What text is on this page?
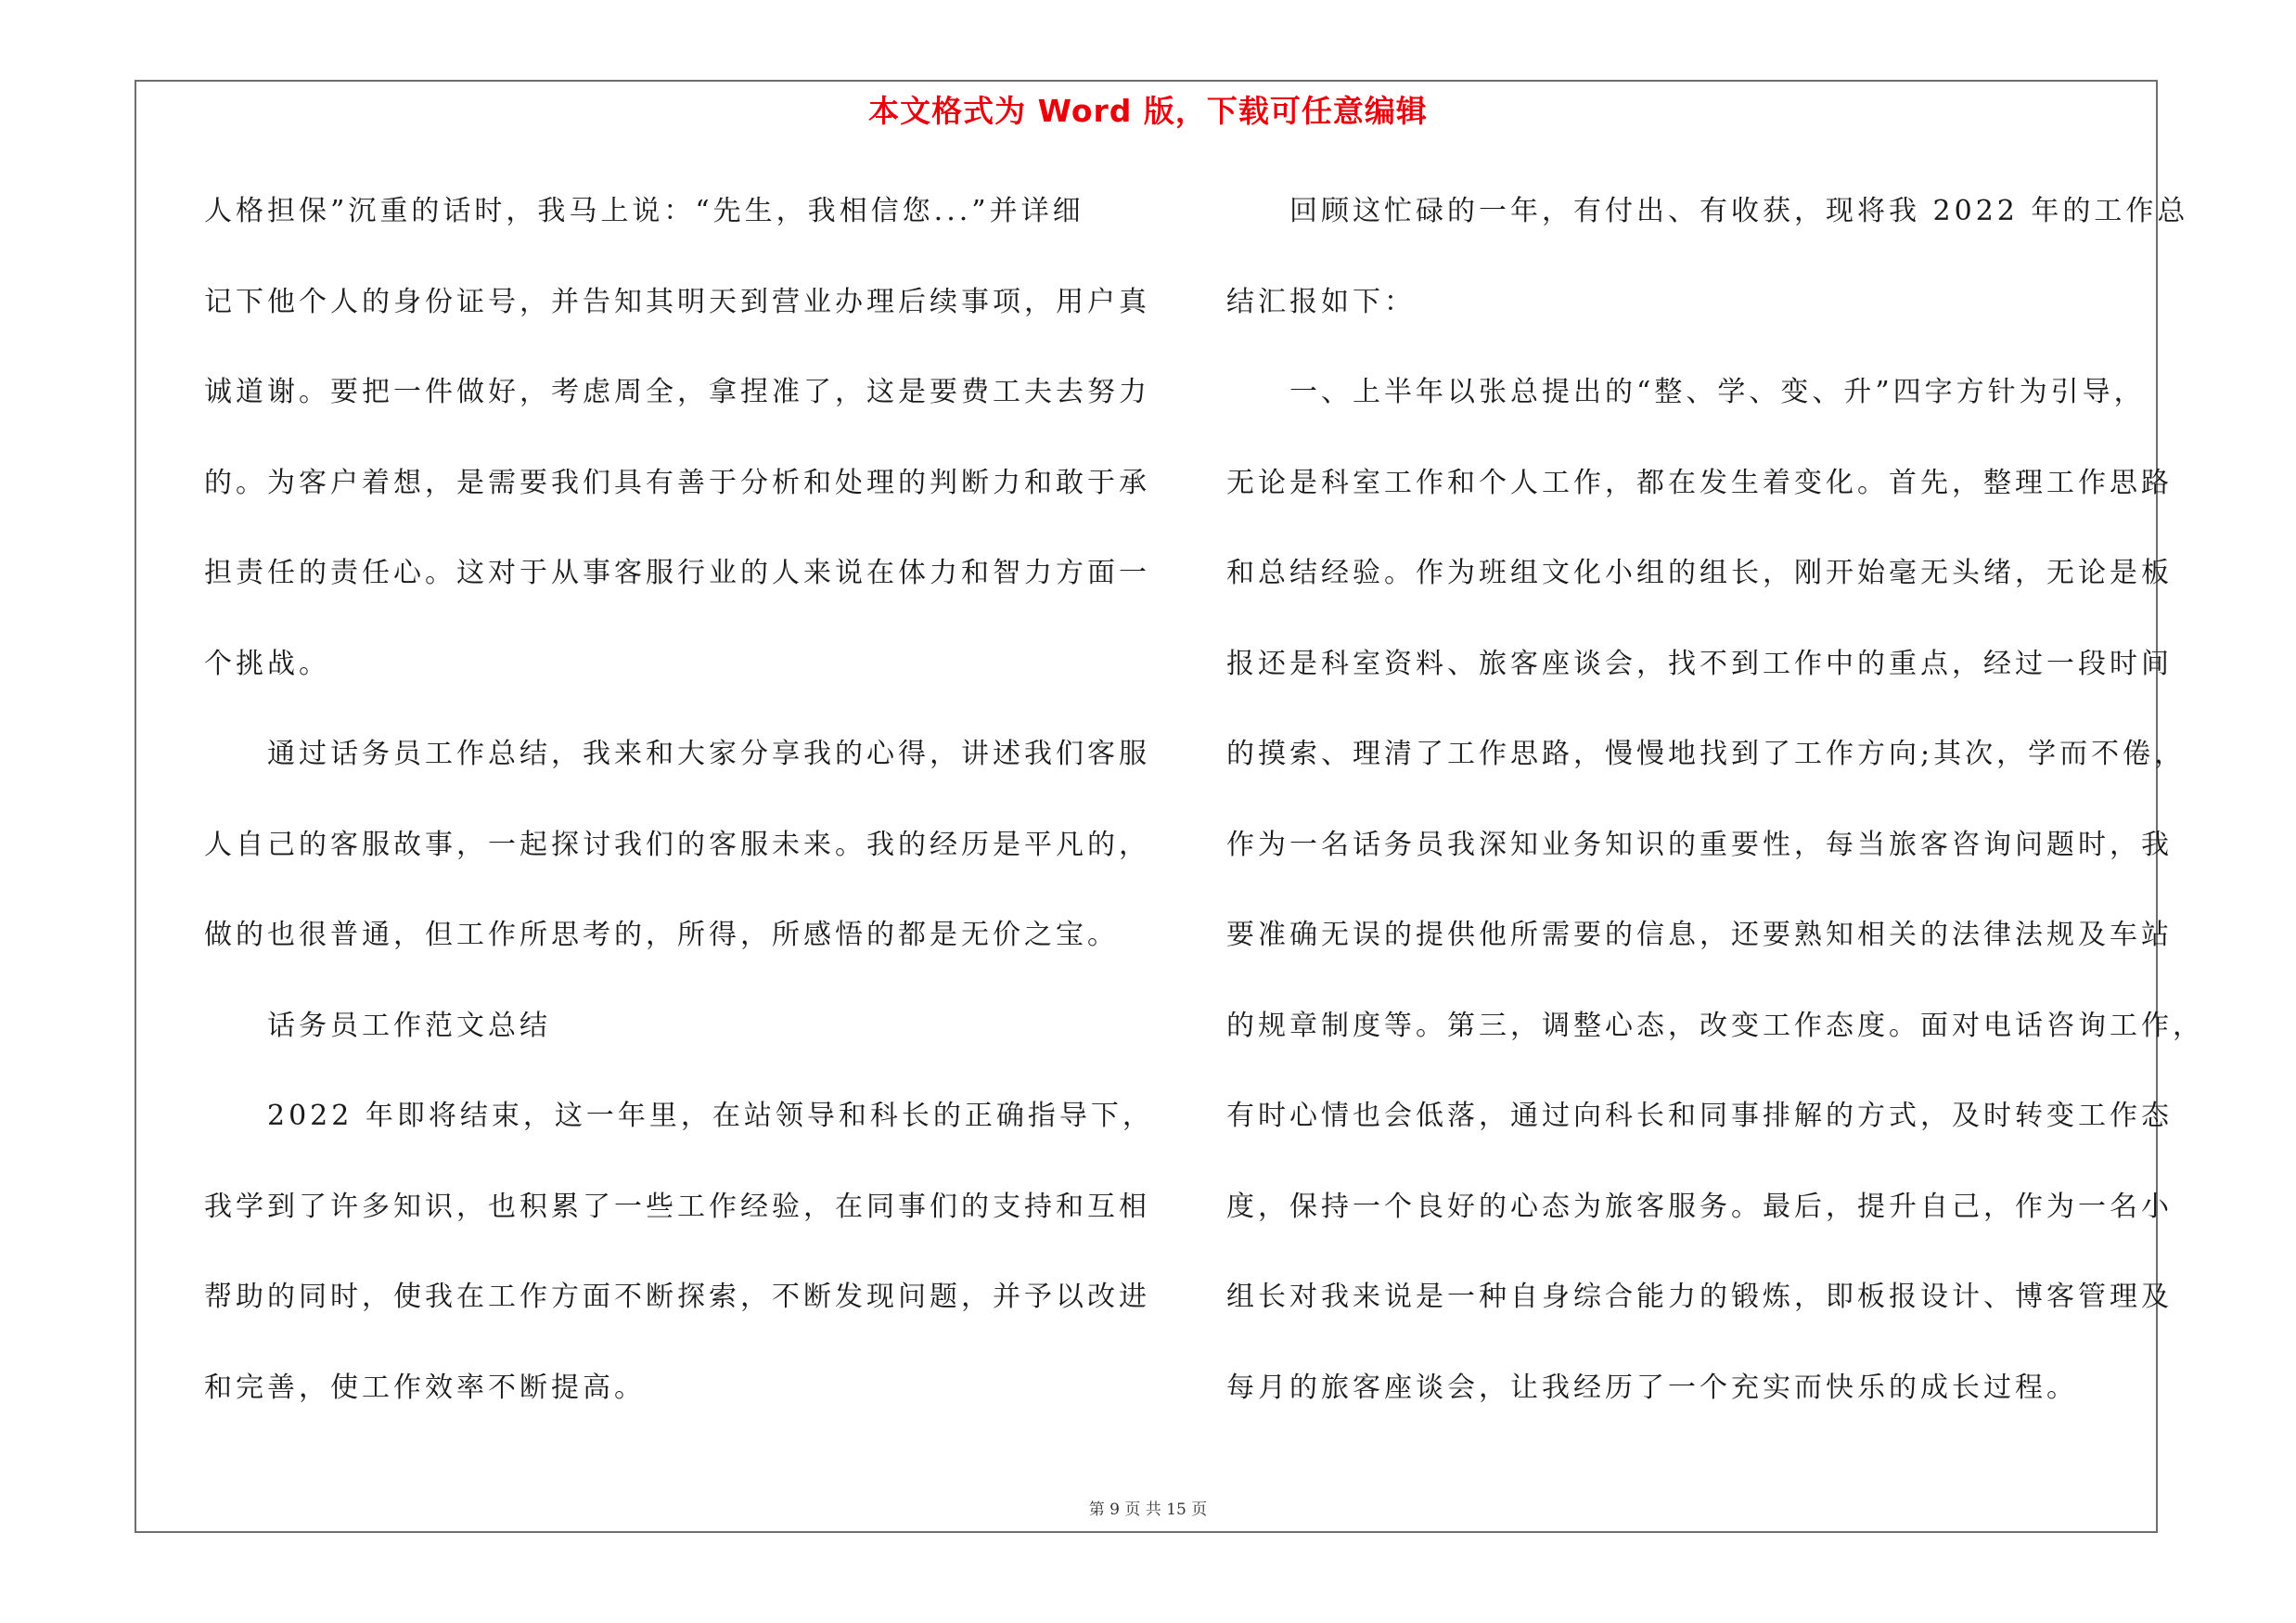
本文格式为 Word 版，下载可任意编辑
人格担保”沉重的话时，我马上说：“先生，我相信您...”并详细
记下他个人的身份证号，并告知其明天到营业办理后续事项，用户真
诚道谢。要把一件做好，考虑周全，拿捏准了，这是要费工夫去努力
的。为客户着想，是需要我们具有善于分析和处理的判断力和敢于承
担责任的责任心。这对于从事客服行业的人来说在体力和智力方面一
个挑战。
　　通过话务员工作总结，我来和大家分享我的心得，讲述我们客服
人自己的客服故事，一起探讨我们的客服未来。我的经历是平凡的，
做的也很普通，但工作所思考的，所得，所感悟的都是无价之宝。
　　话务员工作范文总结
　　2022 年即将结束，这一年里，在站领导和科长的正确指导下，
我学到了许多知识，也积累了一些工作经验，在同事们的支持和互相
帮助的同时，使我在工作方面不断探索，不断发现问题，并予以改进
和完善，使工作效率不断提高。
　　回顾这忙碌的一年，有付出、有收获，现将我 2022 年的工作总
结汇报如下：
　　一、上半年以张总提出的“整、学、变、升”四字方针为引导，
无论是科室工作和个人工作，都在发生着变化。首先，整理工作思路
和总结经验。作为班组文化小组的组长，刚开始毫无头绪，无论是板
报还是科室资料、旅客座谈会，找不到工作中的重点，经过一段时间
的摸索、理清了工作思路，慢慢地找到了工作方向;其次，学而不倦，
作为一名话务员我深知业务知识的重要性，每当旅客咨询问题时，我
要准确无误的提供他所需要的信息，还要熟知相关的法律法规及车站
的规章制度等。第三，调整心态，改变工作态度。面对电话咨询工作，
有时心情也会低落，通过向科长和同事排解的方式，及时转变工作态
度，保持一个良好的心态为旅客服务。最后，提升自己，作为一名小
组长对我来说是一种自身综合能力的锻炼，即板报设计、博客管理及
每月的旅客座谈会，让我经历了一个充实而快乐的成长过程。
第 9 页 共 15 页
